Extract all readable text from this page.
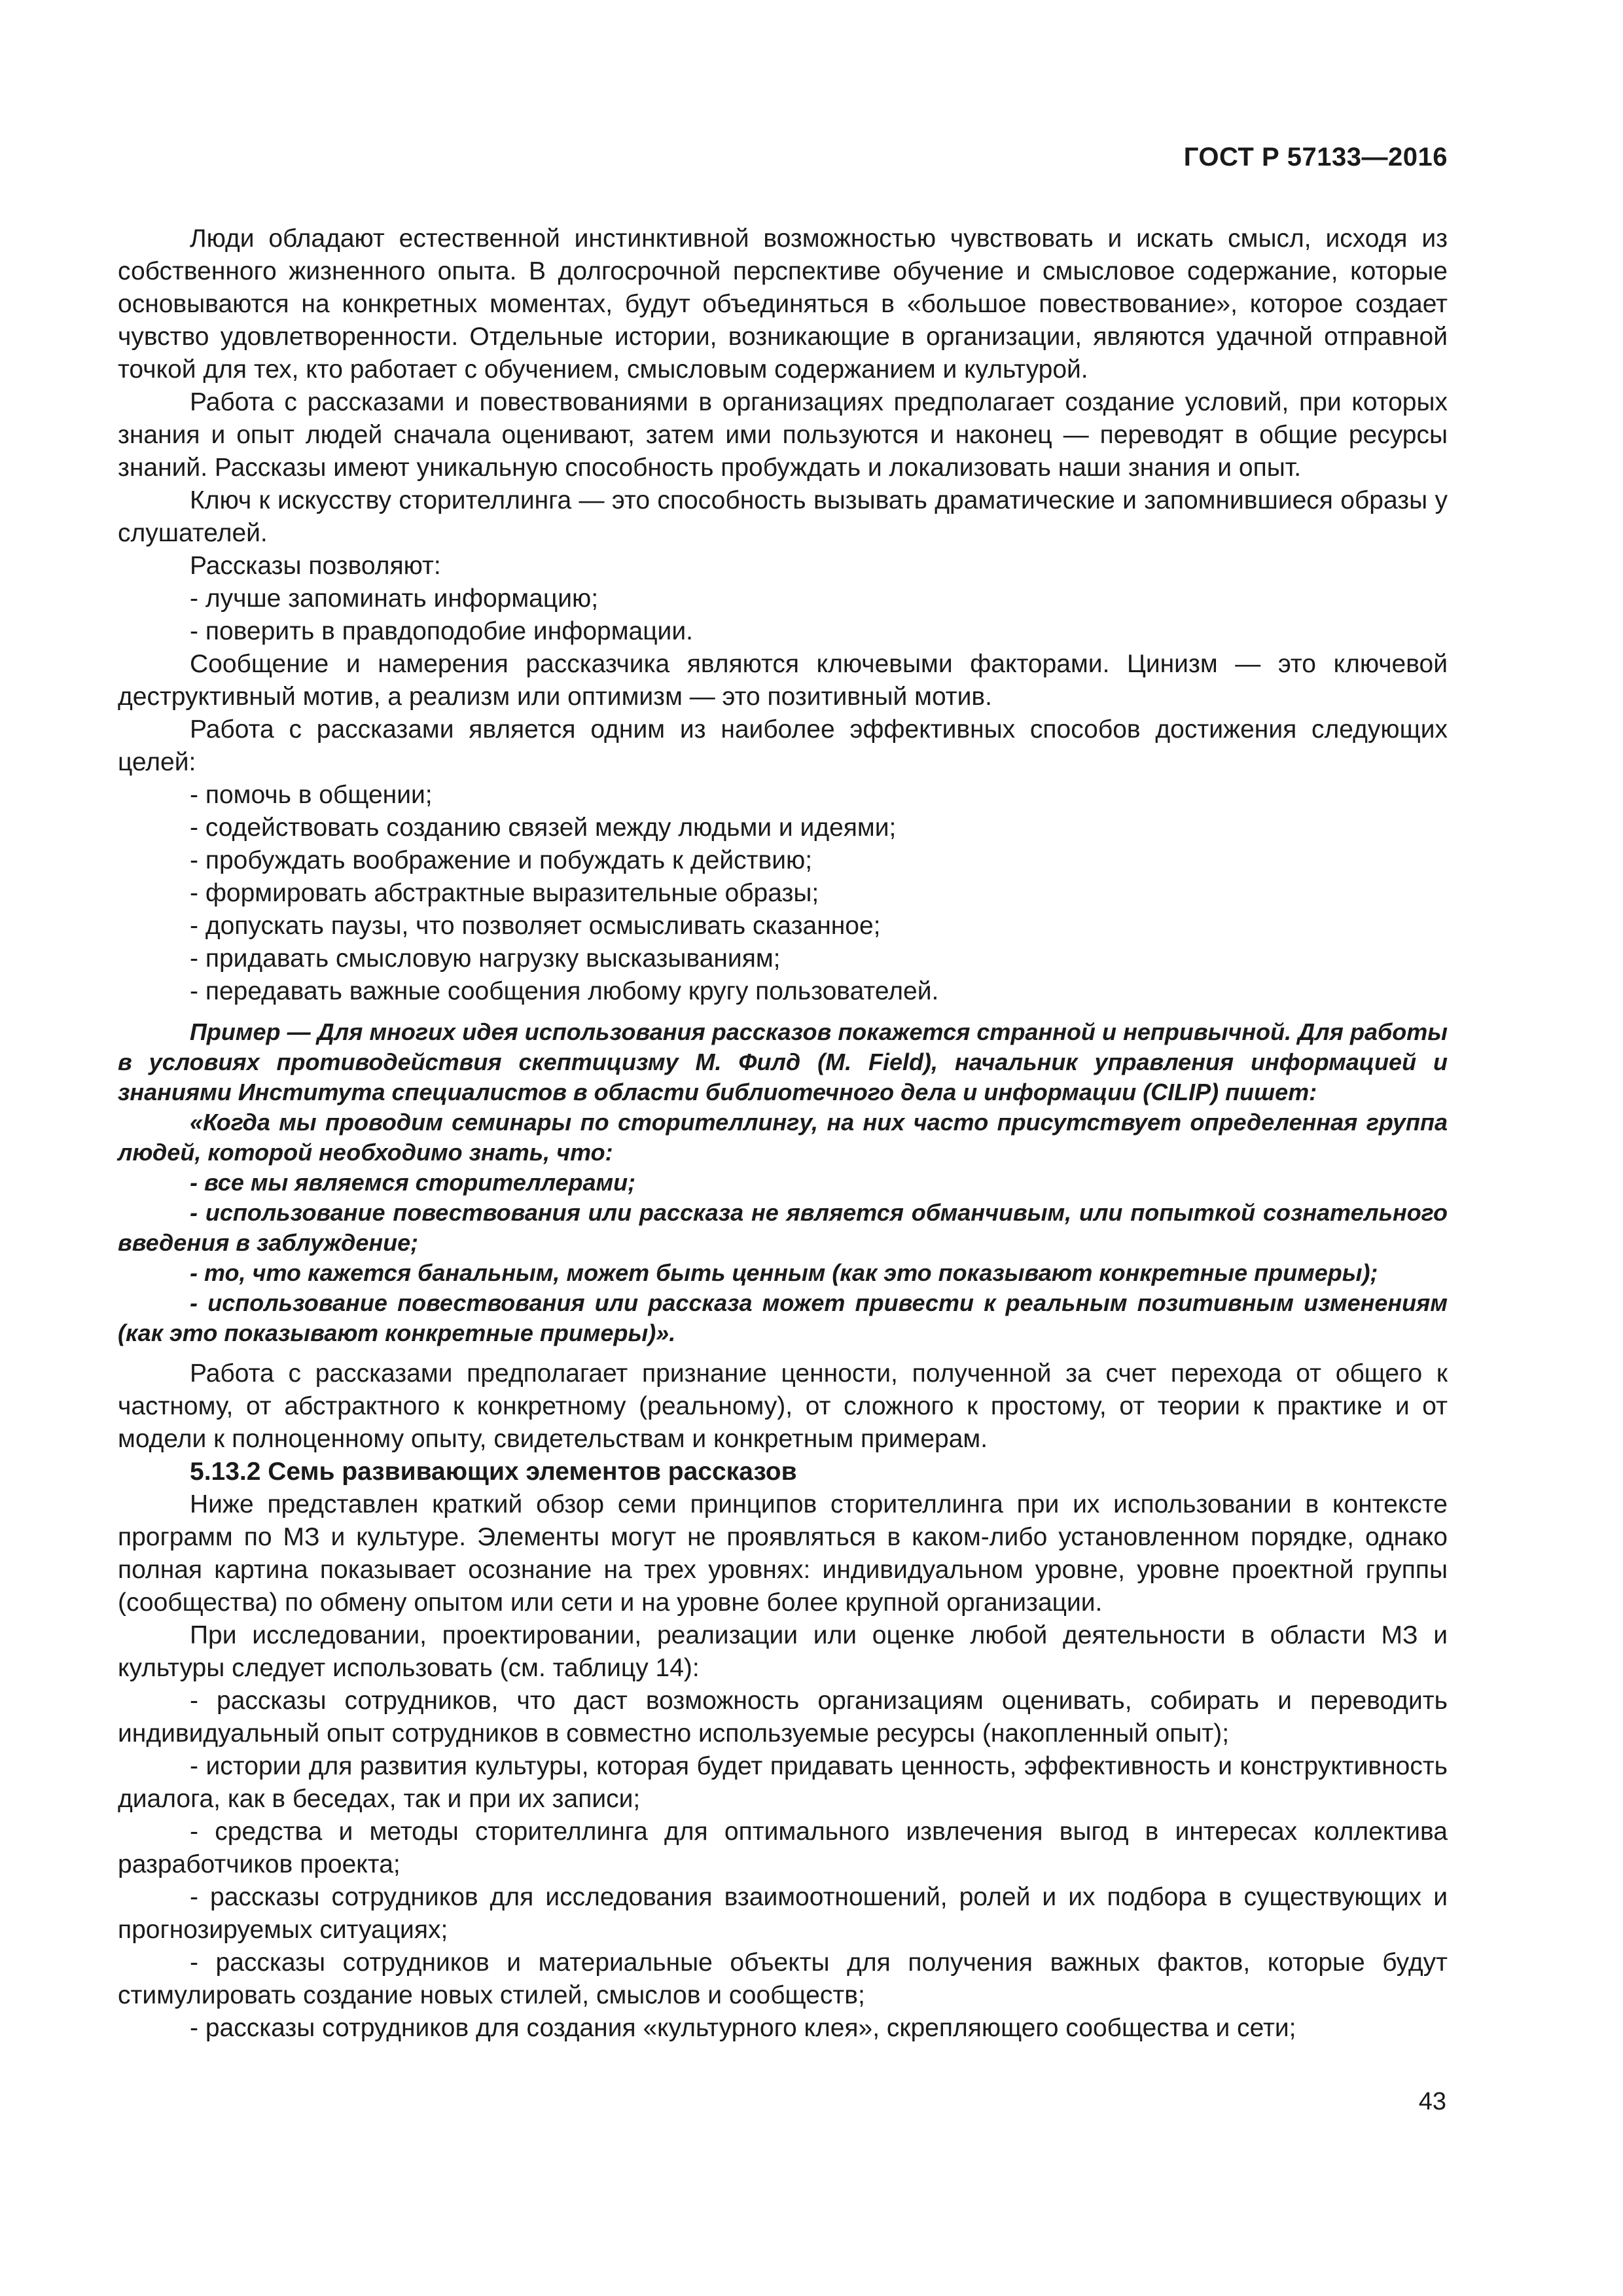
ГОСТ Р 57133—2016

Люди обладают естественной инстинктивной возможностью чувствовать и искать смысл, исходя из собственного жизненного опыта. В долгосрочной перспективе обучение и смысловое содержание, которые основываются на конкретных моментах, будут объединяться в «большое повествование», которое создает чувство удовлетворенности. Отдельные истории, возникающие в организации, являются удачной отправной точкой для тех, кто работает с обучением, смысловым содержанием и культурой.

Работа с рассказами и повествованиями в организациях предполагает создание условий, при которых знания и опыт людей сначала оценивают, затем ими пользуются и наконец — переводят в общие ресурсы знаний. Рассказы имеют уникальную способность пробуждать и локализовать наши знания и опыт.

Ключ к искусству сторителлинга — это способность вызывать драматические и запомнившиеся образы у слушателей.

Рассказы позволяют:

- лучше запоминать информацию;

- поверить в правдоподобие информации.

Сообщение и намерения рассказчика являются ключевыми факторами. Цинизм — это ключевой деструктивный мотив, а реализм или оптимизм — это позитивный мотив.

Работа с рассказами является одним из наиболее эффективных способов достижения следующих целей:

- помочь в общении;

- содействовать созданию связей между людьми и идеями;

- пробуждать воображение и побуждать к действию;

- формировать абстрактные выразительные образы;

- допускать паузы, что позволяет осмысливать сказанное;

- придавать смысловую нагрузку высказываниям;

- передавать важные сообщения любому кругу пользователей.

Пример — Для многих идея использования рассказов покажется странной и непривычной. Для работы в условиях противодействия скептицизму М. Филд (M. Field), начальник управления информацией и знаниями Института специалистов в области библиотечного дела и информации (CILIP) пишет:

«Когда мы проводим семинары по сторителлингу, на них часто присутствует определенная группа людей, которой необходимо знать, что:

- все мы являемся сторителлерами;

- использование повествования или рассказа не является обманчивым, или попыткой сознательного введения в заблуждение;

- то, что кажется банальным, может быть ценным (как это показывают конкретные примеры);

- использование повествования или рассказа может привести к реальным позитивным изменениям (как это показывают конкретные примеры)».

Работа с рассказами предполагает признание ценности, полученной за счет перехода от общего к частному, от абстрактного к конкретному (реальному), от сложного к простому, от теории к практике и от модели к полноценному опыту, свидетельствам и конкретным примерам.

5.13.2 Семь развивающих элементов рассказов

Ниже представлен краткий обзор семи принципов сторителлинга при их использовании в контексте программ по МЗ и культуре. Элементы могут не проявляться в каком-либо установленном порядке, однако полная картина показывает осознание на трех уровнях: индивидуальном уровне, уровне проектной группы (сообщества) по обмену опытом или сети и на уровне более крупной организации.

При исследовании, проектировании, реализации или оценке любой деятельности в области МЗ и культуры следует использовать (см. таблицу 14):

- рассказы сотрудников, что даст возможность организациям оценивать, собирать и переводить индивидуальный опыт сотрудников в совместно используемые ресурсы (накопленный опыт);

- истории для развития культуры, которая будет придавать ценность, эффективность и конструктивность диалога, как в беседах, так и при их записи;

- средства и методы сторителлинга для оптимального извлечения выгод в интересах коллектива разработчиков проекта;

- рассказы сотрудников для исследования взаимоотношений, ролей и их подбора в существующих и прогнозируемых ситуациях;

- рассказы сотрудников и материальные объекты для получения важных фактов, которые будут стимулировать создание новых стилей, смыслов и сообществ;

- рассказы сотрудников для создания «культурного клея», скрепляющего сообщества и сети;

43
